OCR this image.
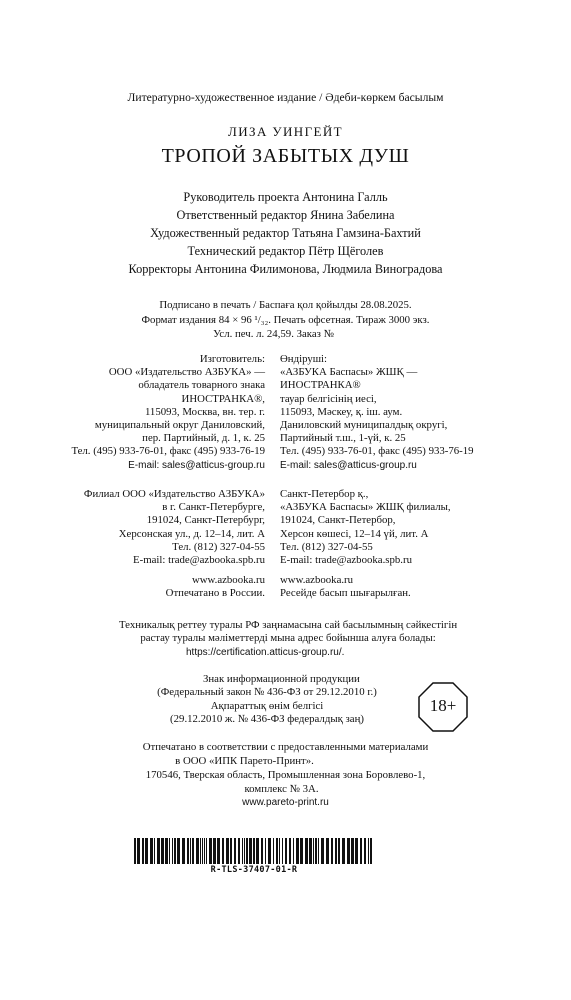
Литературно-художественное издание / Әдеби-көркем басылым
ЛИЗА УИНГЕЙТ
ТРОПОЙ ЗАБЫТЫХ ДУШ
Руководитель проекта Антонина Галль
Ответственный редактор Янина Забелина
Художественный редактор Татьяна Гамзина-Бахтий
Технический редактор Пётр Щёголев
Корректоры Антонина Филимонова, Людмила Виноградова
Подписано в печать / Баспаға қол қойылды 28.08.2025.
Формат издания 84 × 96 ¹/₃₂. Печать офсетная. Тираж 3000 экз.
Усл. печ. л. 24,59. Заказ №
Изготовитель:
ООО «Издательство АЗБУКА» —
обладатель товарного знака
ИНОСТРАНКА®,
115093, Москва, вн. тер. г.
муниципальный округ Даниловский,
пер. Партийный, д. 1, к. 25
Тел. (495) 933-76-01, факс (495) 933-76-19
E-mail: sales@atticus-group.ru
Өндіруші:
«АЗБУКА Баспасы» ЖШҚ —
ИНОСТРАНКА®
тауар белгісінің иесі,
115093, Мәскеу, қ. іш. аум.
Даниловский муниципалдық округі,
Партийный т.ш., 1-үй, к. 25
Тел. (495) 933-76-01, факс (495) 933-76-19
E-mail: sales@atticus-group.ru
Филиал ООО «Издательство АЗБУКА»
в г. Санкт-Петербурге,
191024, Санкт-Петербург,
Херсонская ул., д. 12–14, лит. А
Тел. (812) 327-04-55
E-mail: trade@azbooka.spb.ru
Санкт-Петербор қ.,
«АЗБУКА Баспасы» ЖШҚ филиалы,
191024, Санкт-Петербор,
Херсон көшесі, 12–14 үй, лит. А
Тел. (812) 327-04-55
E-mail: trade@azbooka.spb.ru
www.azbooka.ru
Отпечатано в России.
www.azbooka.ru
Ресейде басып шығарылған.
Техникалық реттеу туралы РФ заңнамасына сай басылымның сәйкестігін
растау туралы мәліметтерді мына адрес бойынша алуға болады:
https://certification.atticus-group.ru/.
Знак информационной продукции
(Федеральный закон № 436-ФЗ от 29.12.2010 г.)
Ақпараттық өнім белгісі
(29.12.2010 ж. № 436-ФЗ федералдық заң)
18+
Отпечатано в соответствии с предоставленными материалами
в ООО «ИПК Парето-Принт».
170546, Тверская область, Промышленная зона Боровлево-1,
комплекс № 3А.
www.pareto-print.ru
R-TLS-37407-01-R
